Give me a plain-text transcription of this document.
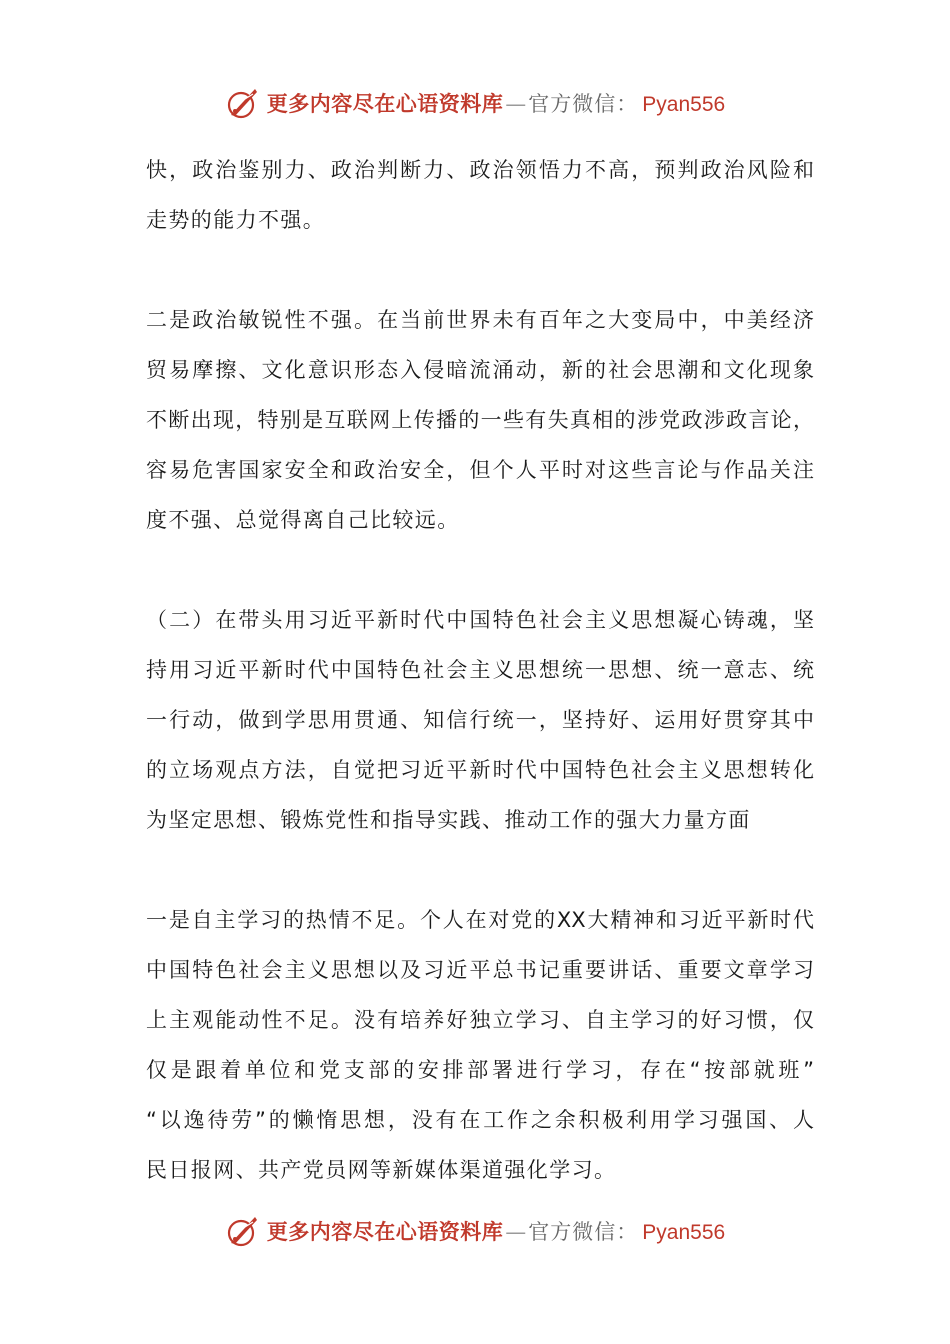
更多内容尽在心语资料库 — 官方微信： Pyan556
快，政治鉴别力、政治判断力、政治领悟力不高，预判政治风险和
走势的能力不强。
二是政治敏锐性不强。在当前世界未有百年之大变局中，中美经济
贸易摩擦、文化意识形态入侵暗流涌动，新的社会思潮和文化现象
不断出现，特别是互联网上传播的一些有失真相的涉党政涉政言论，
容易危害国家安全和政治安全，但个人平时对这些言论与作品关注
度不强、总觉得离自己比较远。
（二）在带头用习近平新时代中国特色社会主义思想凝心铸魂，坚
持用习近平新时代中国特色社会主义思想统一思想、统一意志、统
一行动，做到学思用贯通、知信行统一，坚持好、运用好贯穿其中
的立场观点方法，自觉把习近平新时代中国特色社会主义思想转化
为坚定思想、锻炼党性和指导实践、推动工作的强大力量方面
一是自主学习的热情不足。个人在对党的XX大精神和习近平新时代
中国特色社会主义思想以及习近平总书记重要讲话、重要文章学习
上主观能动性不足。没有培养好独立学习、自主学习的好习惯，仅
仅是跟着单位和党支部的安排部署进行学习，存在“按部就班”
“以逸待劳”的懒惰思想，没有在工作之余积极利用学习强国、人
民日报网、共产党员网等新媒体渠道强化学习。
更多内容尽在心语资料库 — 官方微信： Pyan556
